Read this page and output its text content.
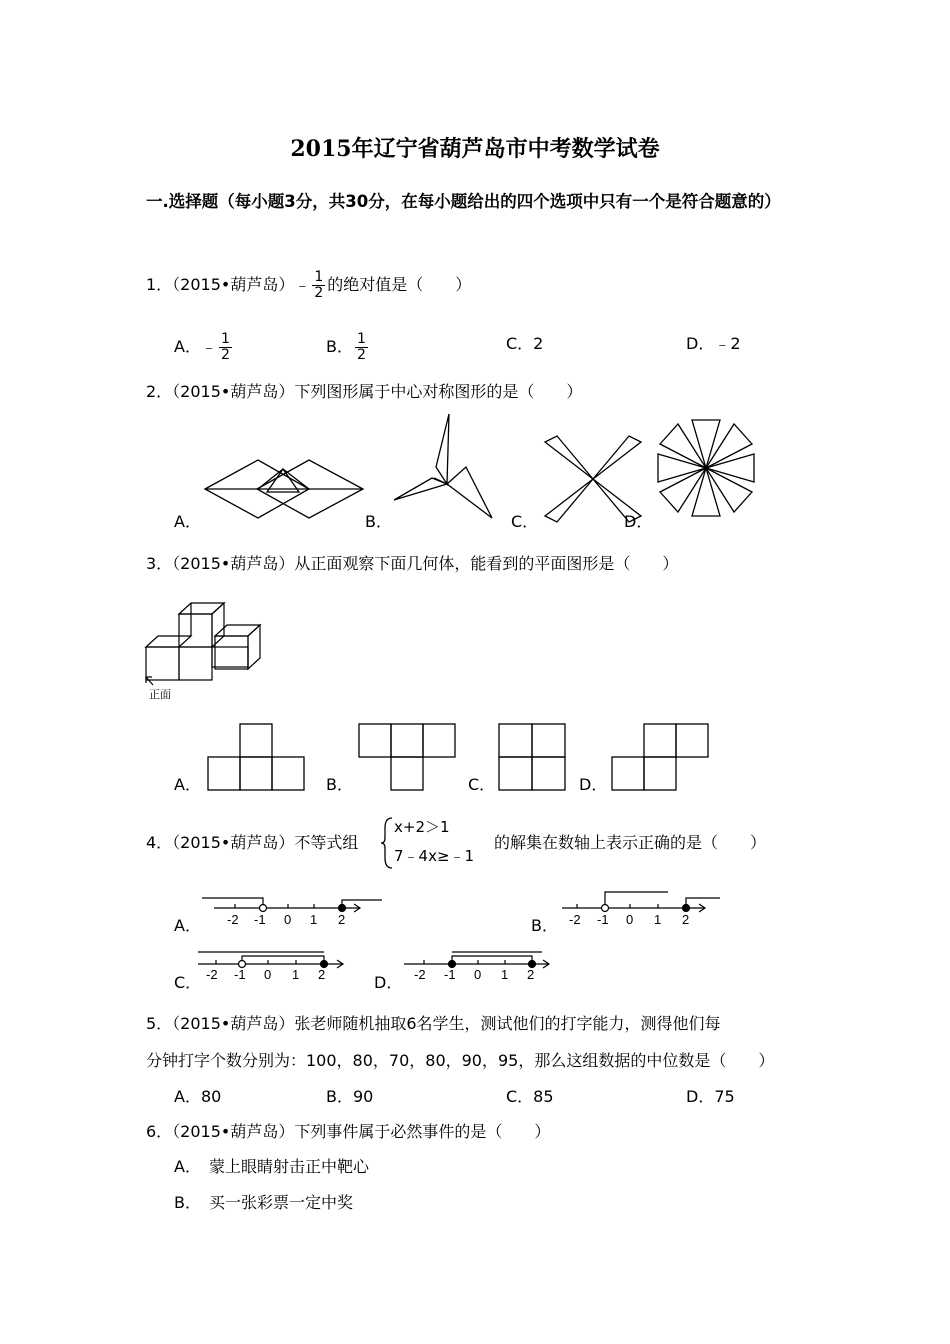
2015年辽宁省葫芦岛市中考数学试卷
一.选择题（每小题3分，共30分，在每小题给出的四个选项中只有一个是符合题意的）
1．（2015•葫芦岛）﹣ $\frac{1}{2}$ 的绝对值是（　　）
A．﹣ $\frac{1}{2}$	B． $\frac{1}{2}$	C．2	D．﹣2
2．（2015•葫芦岛）下列图形属于中心对称图形的是（　　）
A．	B．	C．	D．
3．（2015•葫芦岛）从正面观察下面几何体，能看到的平面图形是（　　）
正面
A．	B．	C．	D．
4．（2015•葫芦岛）不等式组
x+2＞1
7﹣4x≥﹣1
的解集在数轴上表示正确的是（　　）
-2 -1 0 1 2
A．	-2 -1 0 1 2
B．
-2 -1 0 1 2
C．	-2 -1 0 1 2
D．
5．（2015•葫芦岛）张老师随机抽取6名学生，测试他们的打字能力，测得他们每
分钟打字个数分别为：100，80，70，80，90，95，那么这组数据的中位数是（　　）
A．80	B．90	C．85	D．75
6．（2015•葫芦岛）下列事件属于必然事件的是（　　）
A．　蒙上眼睛射击正中靶心
B．　买一张彩票一定中奖
